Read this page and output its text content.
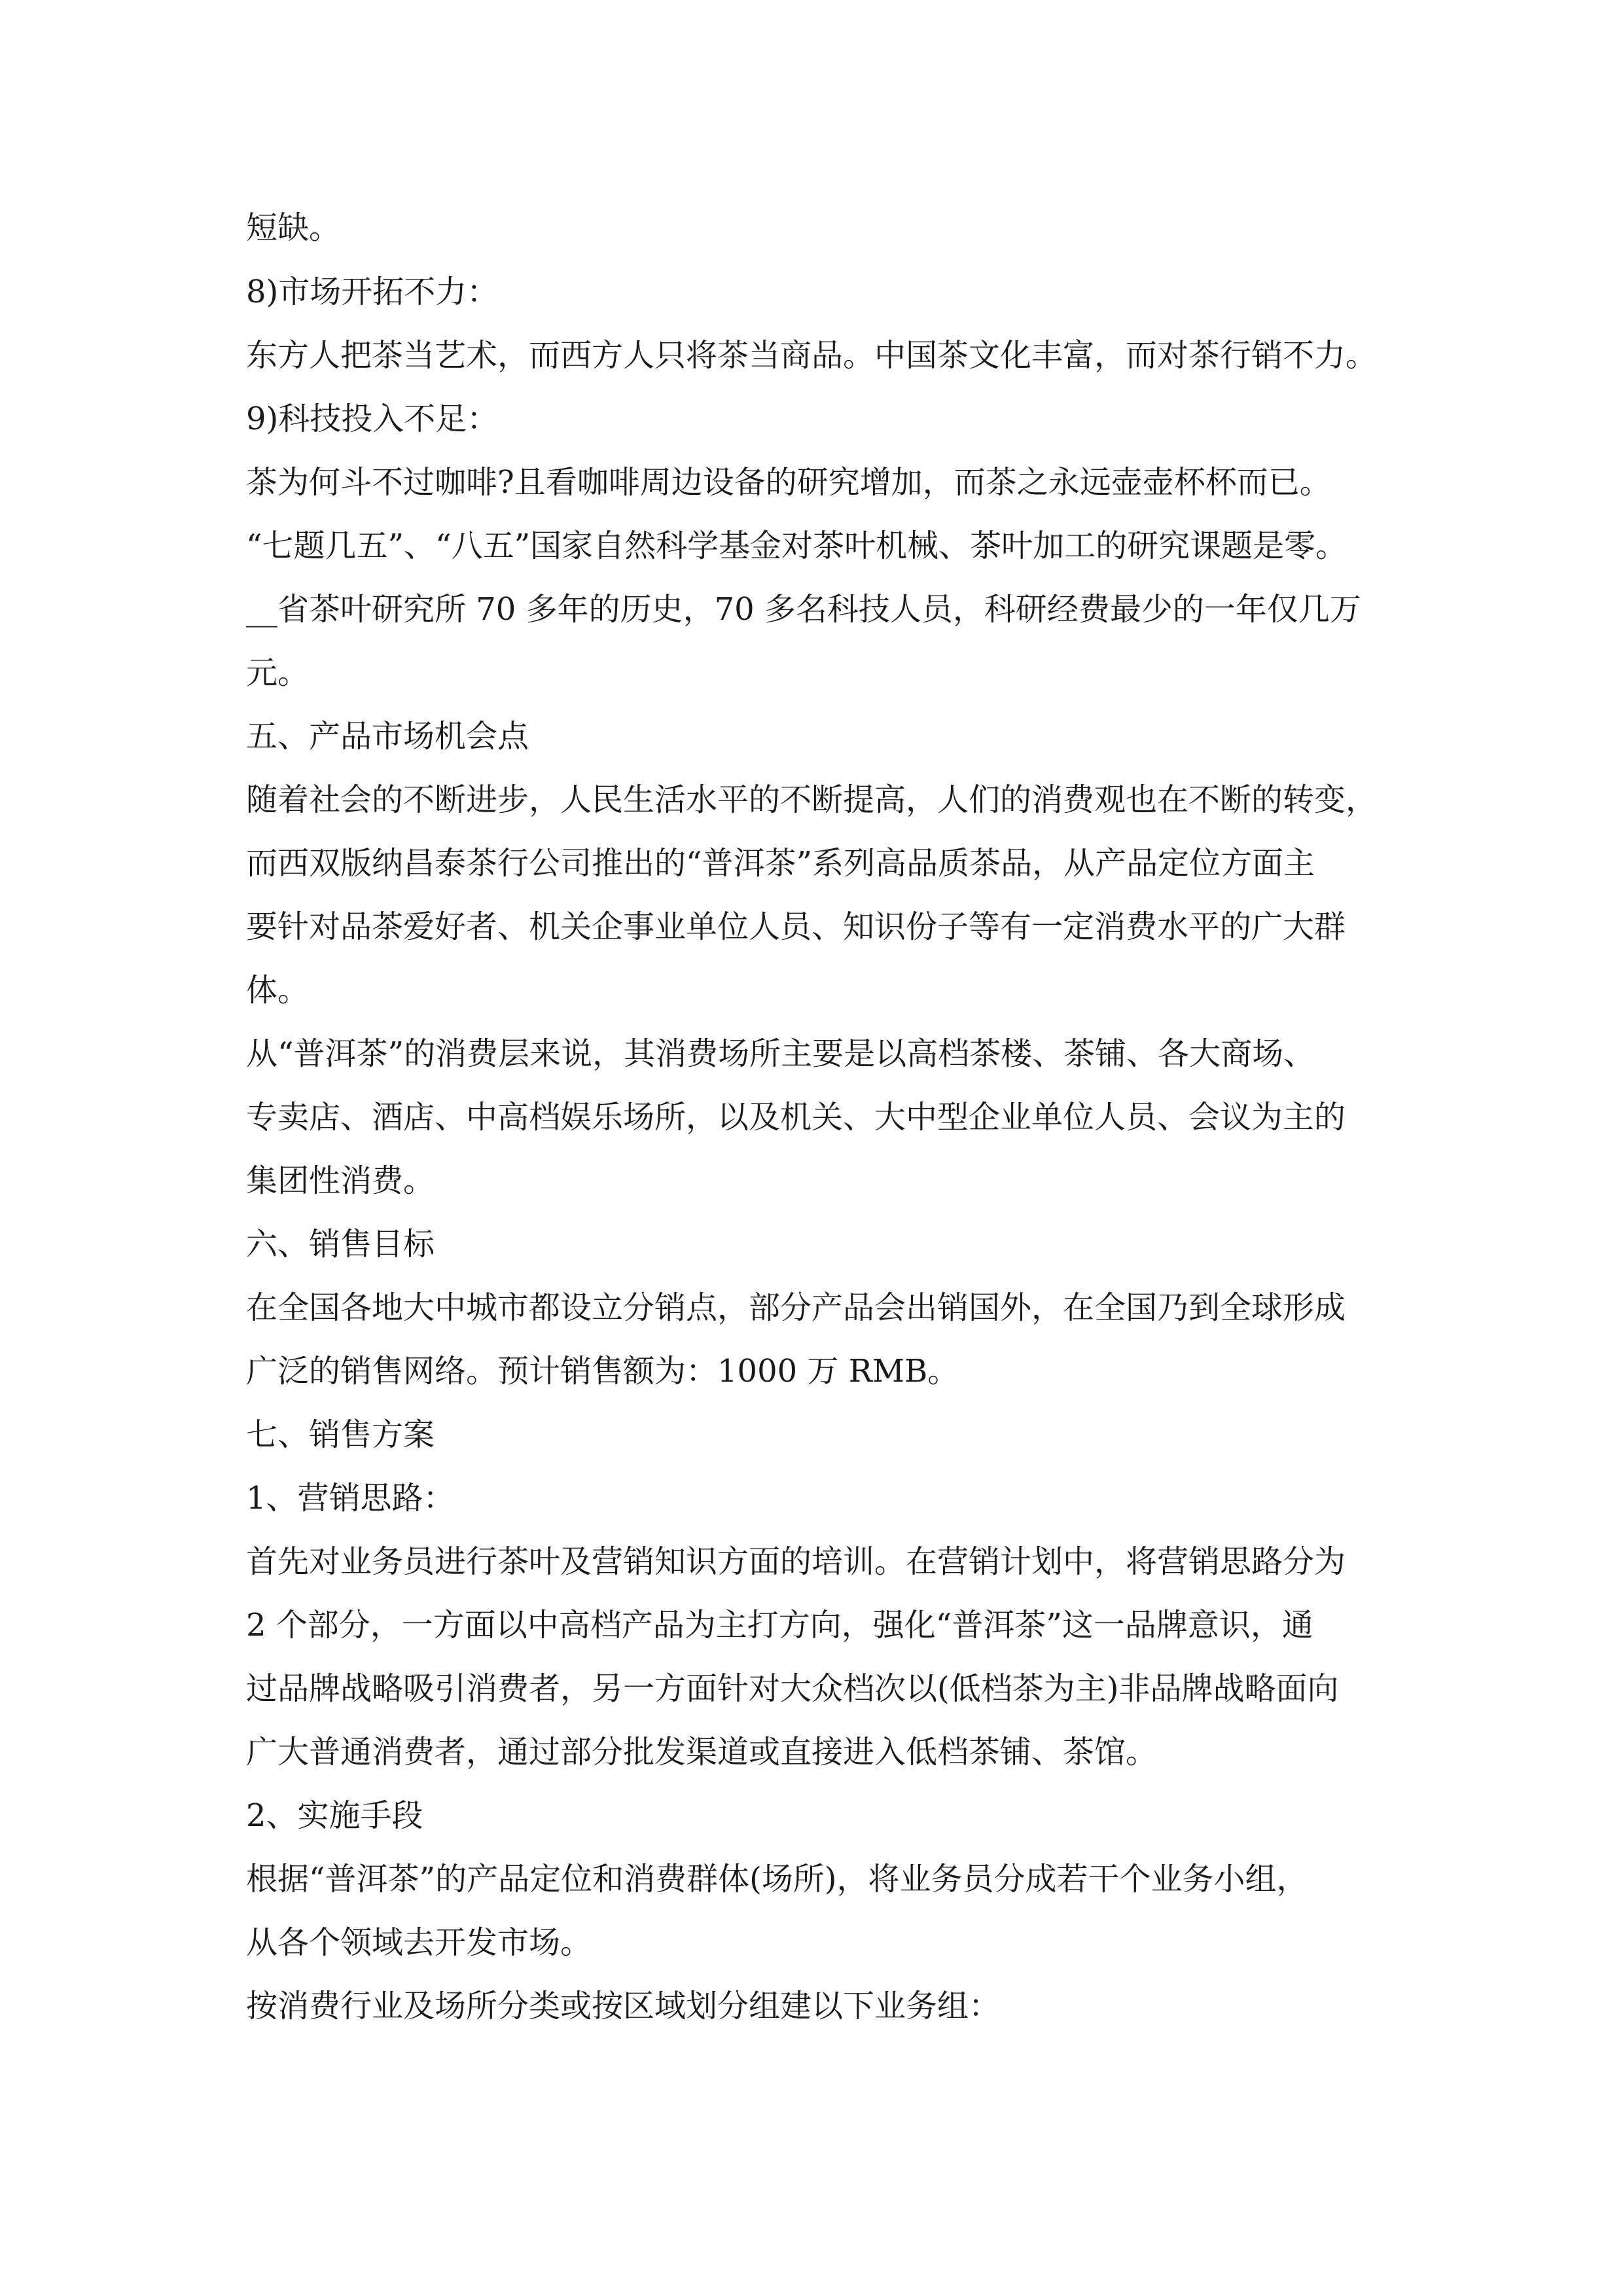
短缺。

8)市场开拓不力：

东方人把茶当艺术，而西方人只将茶当商品。中国茶文化丰富，而对茶行销不力。

9)科技投入不足：

茶为何斗不过咖啡?且看咖啡周边设备的研究增加，而茶之永远壶壶杯杯而已。

“七题几五”、“八五”国家自然科学基金对茶叶机械、茶叶加工的研究课题是零。

__省茶叶研究所 70 多年的历史，70 多名科技人员，科研经费最少的一年仅几万

元。

五、产品市场机会点

随着社会的不断进步，人民生活水平的不断提高，人们的消费观也在不断的转变，

而西双版纳昌泰茶行公司推出的“普洱茶”系列高品质茶品，从产品定位方面主

要针对品茶爱好者、机关企事业单位人员、知识份子等有一定消费水平的广大群

体。

从“普洱茶”的消费层来说，其消费场所主要是以高档茶楼、茶铺、各大商场、

专卖店、酒店、中高档娱乐场所，以及机关、大中型企业单位人员、会议为主的

集团性消费。

六、销售目标

在全国各地大中城市都设立分销点，部分产品会出销国外，在全国乃到全球形成

广泛的销售网络。预计销售额为：1000 万 RMB。

七、销售方案

1、营销思路：

首先对业务员进行茶叶及营销知识方面的培训。在营销计划中，将营销思路分为

2 个部分，一方面以中高档产品为主打方向，强化“普洱茶”这一品牌意识，通

过品牌战略吸引消费者，另一方面针对大众档次以(低档茶为主)非品牌战略面向

广大普通消费者，通过部分批发渠道或直接进入低档茶铺、茶馆。

2、实施手段

根据“普洱茶”的产品定位和消费群体(场所)，将业务员分成若干个业务小组，

从各个领域去开发市场。

按消费行业及场所分类或按区域划分组建以下业务组：
